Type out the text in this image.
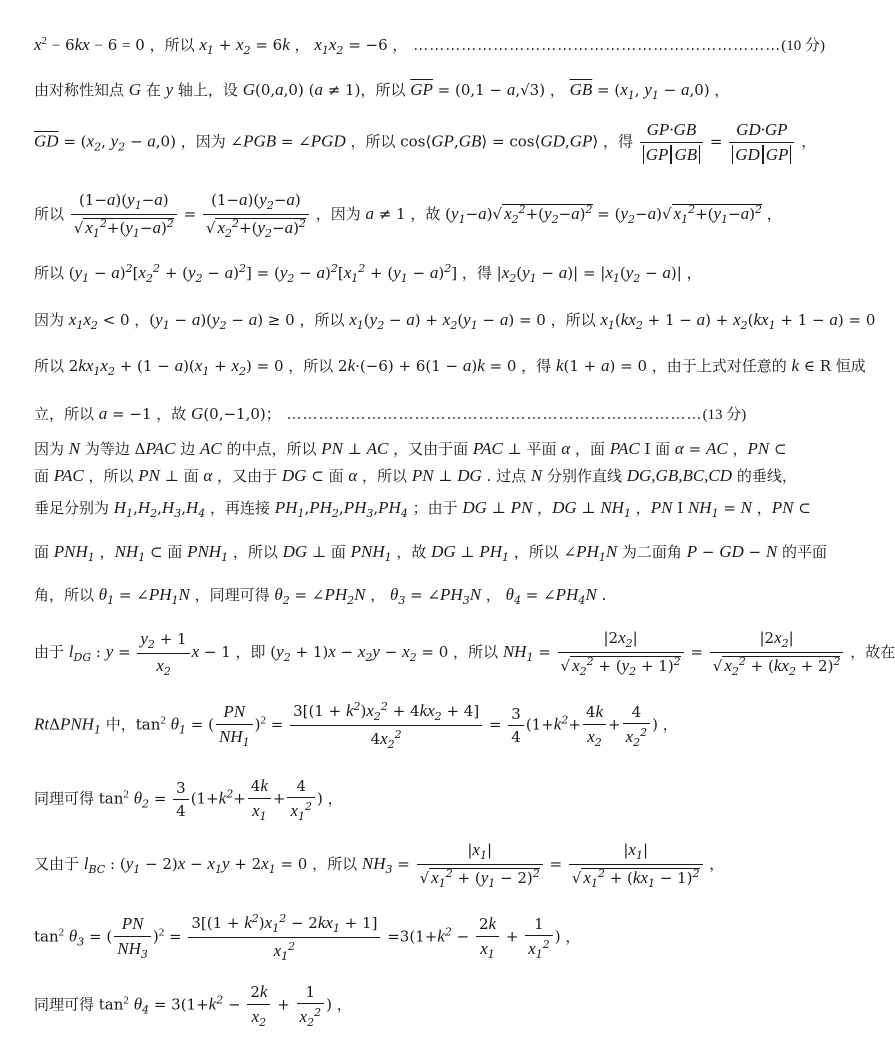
$x^2 - 6kx - 6 = 0$ ，所以 $x_1 + x_2 = 6k$ ， $x_1x_2 = -6$ ， ……………………………………………………………(10 分)
由对称性知点 G 在 y 轴上，设 G(0,a,0) (a ≠ 1)，所以 $\overline{GP} = (0,1 - a,√3)$ ， $\overline{GB} = (x_1$, $y_1 - a,0$) ，
$\overline{GD} = (x_2$, $y_2 - a,0$) ，因为 ∠PGB = ∠PGD ，所以 cos⟨GP,GB⟩ = cos⟨GD,GP⟩ ，得 $\frac{GP\cdot GB}{\text{GP GB}} = \frac{GD\cdot GP}{\text{GD GP}}$ ，
所以 $(1-a)(y_1-a)$
√ $x_1^2+(y_1-a)^2 = (1-a)(y_2-a)$
√ $x_2^2+(y_2-a)^2$ ，因为 a ≠ 1 ，故 $(y_1-a)$ √ $x_2^2+(y_2-a)^2 = (y_2-a)$ √ $x_1^2+(y_1-a)^2$ ，
所以 $(y_1 - a)^2[x_2^2 + (y_2 - a)^2] = (y_2 - a)^2[x_1^2 + (y_1 - a)^2]$ ，得 $|x_2(y_1 - a)| = |x_1(y_2 - a)|$ ，
因为 $x_1x_2 < 0$ ，$(y_1 - a)(y_2 - a) \ge 0$ ，所以 $x_1(y_2 - a) + x_2(y_1 - a) = 0$ ，所以 $x_1(kx_2 + 1 - a) + x_2(kx_1 + 1 - a) = 0$
所以 $2kx_1x_2 + (1 - a)(x_1 + x_2) = 0$ ，所以 2k·(−6) + 6(1 − a)k = 0 ，得 k(1 + a) = 0 ，由于上式对任意的 k ∈ R 恒成
立，所以 a = −1 ，故 G(0,−1,0)； ……………………………………………………………………(13 分)
因为 N 为等边 ΔPAC 边 AC 的中点，所以 PN ⊥ AC ，又由于面 PAC ⊥ 平面 α ，面 PAC I 面 α = AC ，PN ⊂
面 PAC ，所以 PN ⊥ 面 α ，又由于 DG ⊂ 面 α ，所以 PN ⊥ DG . 过点 N 分别作直线 DG,GB,BC,CD 的垂线，
垂足分别为 $H_1,H_2,H_3,H_4$ ，再连接 $PH_1,PH_2,PH_3,PH_4$ ；由于 DG ⊥ PN ，DG ⊥ $NH_1$ ，PN I $NH_1 = N$ ，PN ⊂
面 $PNH_1$ ，$NH_1$ ⊂ 面 $PNH_1$ ，所以 DG ⊥ 面 $PNH_1$ ，故 DG ⊥ $PH_1$ ，所以 $\angle PH_1N$ 为二面角 P − GD − N 的平面
角，所以 $\theta_1$ = $\angle PH_1N$ ，同理可得 $\theta_2$ = $\angle PH_2N$ ， $\theta_3$ = $\angle PH_3N$ ， $\theta_4$ = $\angle PH_4N$ .
由于 $l_{DG}$ : $y = \frac{y_2 + 1}{x_2}$ x − 1 ，即 $(y_2 + 1)x - x_2y - x_2 = 0$ ，所以 $NH_1 = |2x_2|$
√ $x_2^2 + (y_2 + 1)^2 = |2x_2|$
√ $x_2^2 + (kx_2 + 2)^2$ ，故在
RtΔPNH$_1$ 中，$\tan^2 \theta_1$ = ( $\frac{PN}{NH_1} )^2 = \frac{3[(1 + k^2)x_2^2 + 4kx_2 + 4]}{4x_2^2} = \frac{3}{4} (1+k^2+ \frac{4k}{x_2} + \frac{4}{x_2^2}$ ) ，
同理可得 $\tan^2 \theta_2 = \frac{3}{4} (1+k^2+ \frac{4k}{x_1} + \frac{4}{x_1^2}$ ) ，
又由于 $l_{BC}$ : $(y_1 - 2)x - x_1y + 2x_1 = 0$ ，所以 $NH_3 = |x_1|$
√ $x_1^2 + (y_1 - 2)^2 = |x_1|$
√ $x_1^2 + (kx_1 - 1)^2$ ，
$\tan^2 \theta_3$ = ( $\frac{PN}{NH_3} )^2 = \frac{3[(1 + k^2)x_1^2 - 2kx_1 + 1]}{x_1^2} =3(1+k^2 - \frac{2k}{x_1} + \frac{1}{x_1^2}$ ) ，
同理可得 $\tan^2 \theta_4 = 3(1+k^2 - \frac{2k}{x_2} + \frac{1}{x_2^2}$ ) ，
